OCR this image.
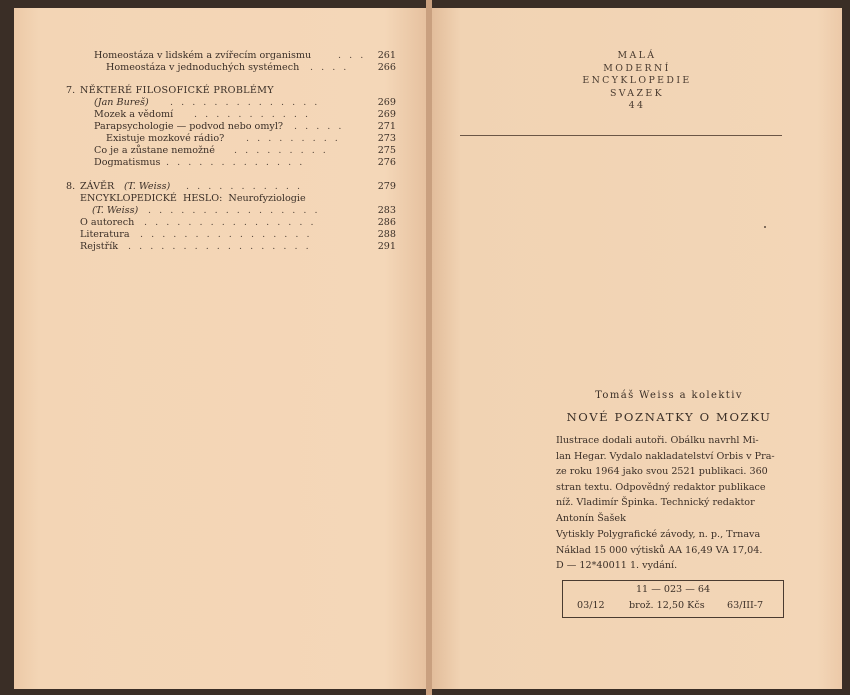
Homeostáza v lidském a zvířecím organismu	. . .	261
Homeostáza v jednoduchých systémech . . . .	266
7. NĚKTERÉ FILOSOFICKÉ PROBLÉMY
(Jan Bureš) . . . . . . . . . . . . . .	269
Mozek a vědomí . . . . . . . . . . .	269
Parapsychologie — podvod nebo omyl? . . . . .	271
Existuje mozkové rádio? . . . . . . . . .	273
Co je a zůstane nemožné . . . . . . . . .	275
Dogmatismus . . . . . . . . . . . . .	276
8. ZÁVĚR (T. Weiss) . . . . . . . . . . .	279
ENCYKLOPEDICKÉ HESLO: Neurofyziologie
(T. Weiss) . . . . . . . . . . . . . . . .	283
O autorech . . . . . . . . . . . . . . . .	286
Literatura . . . . . . . . . . . . . . . .	288
Rejstřík . . . . . . . . . . . . . . . . .	291
MALÁ
MODERNÍ
ENCYKLOPEDIE
SVAZEK
44
Tomáš Weiss a kolektiv
NOVÉ POZNATKY O MOZKU
Ilustrace dodali autoři. Obálku navrhl Mi-
lan Hegar. Vydalo nakladatelství Orbis v Pra-
ze roku 1964 jako svou 2521 publikaci. 360
stran textu. Odpovědný redaktor publikace
níž. Vladimír Špinka. Technický redaktor
Antonín Šašek
Vytiskly Polygrafické závody, n. p., Trnava
Náklad 15 000 výtisků AA 16,49 VA 17,04.
D — 12*40011 1. vydání.
11 — 023 — 64
03/12	brož. 12,50 Kčs 63/III-7
